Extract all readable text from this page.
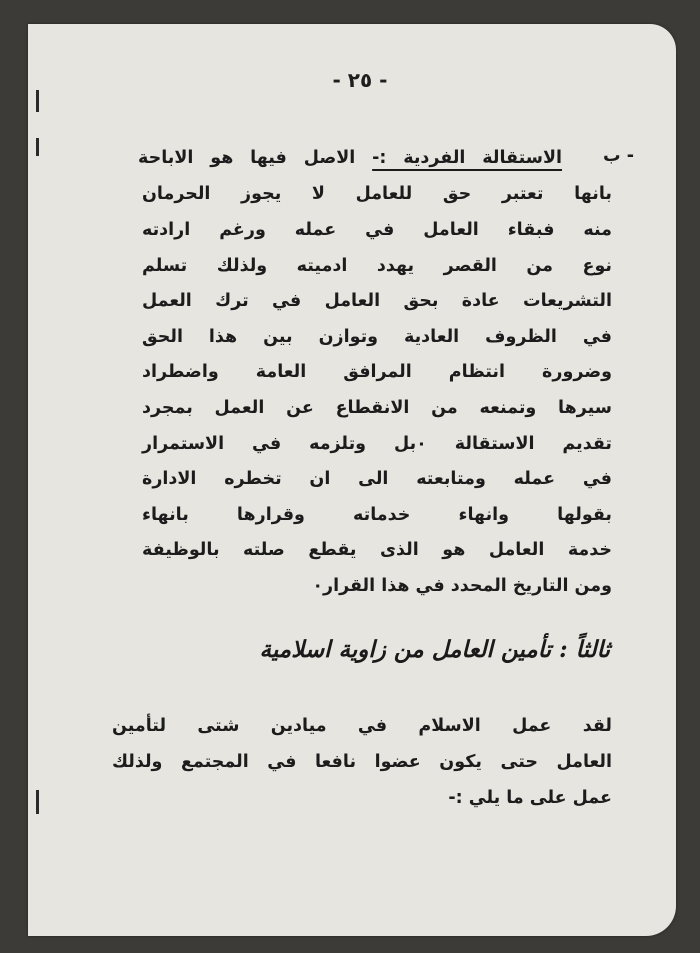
- ٢٥ -
ب -
الاستقالة الفردية :- الاصل فيها هو الاباحة
بانها تعتبر حق للعامل لا يجوز الحرمان
منه فبقاء العامل في عمله ورغم ارادته
نوع من القصر يهدد ادميته ولذلك تسلم
التشريعات عادة بحق العامل في ترك العمل
في الظروف العادية وتوازن بين هذا الحق
وضرورة انتظام المرافق العامة واضطراد
سيرها وتمنعه من الانقطاع عن العمل بمجرد
تقديم الاستقالة ٠بل وتلزمه في الاستمرار
في عمله ومتابعته الى ان تخطره الادارة
بقولها وانهاء خدماته وقرارها بانهاء
خدمة العامل هو الذى يقطع صلته بالوظيفة
ومن التاريخ المحدد في هذا القرار٠
ثالثاً : تأمين العامل من زاوية اسلامية
لقد عمل الاسلام في ميادين شتى لتأمين
العامل حتى يكون عضوا نافعا في المجتمع ولذلك
عمل على ما يلي :-
